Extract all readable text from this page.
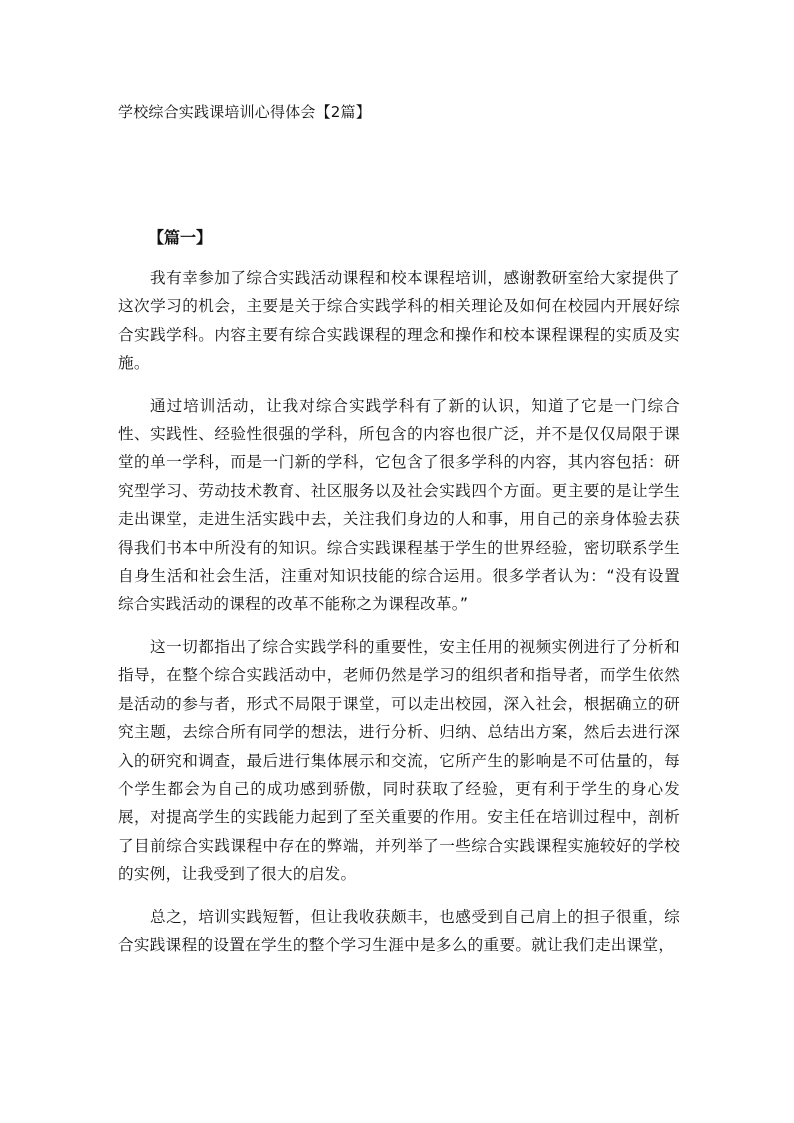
学校综合实践课培训心得体会【2篇】
【篇一】

我有幸参加了综合实践活动课程和校本课程培训，感谢教研室给大家提供了这次学习的机会，主要是关于综合实践学科的相关理论及如何在校园内开展好综合实践学科。内容主要有综合实践课程的理念和操作和校本课程课程的实质及实施。

通过培训活动，让我对综合实践学科有了新的认识，知道了它是一门综合性、实践性、经验性很强的学科，所包含的内容也很广泛，并不是仅仅局限于课堂的单一学科，而是一门新的学科，它包含了很多学科的内容，其内容包括：研究型学习、劳动技术教育、社区服务以及社会实践四个方面。更主要的是让学生走出课堂，走进生活实践中去，关注我们身边的人和事，用自己的亲身体验去获得我们书本中所没有的知识。综合实践课程基于学生的世界经验，密切联系学生自身生活和社会生活，注重对知识技能的综合运用。很多学者认为：“没有设置综合实践活动的课程的改革不能称之为课程改革。”

这一切都指出了综合实践学科的重要性，安主任用的视频实例进行了分析和指导，在整个综合实践活动中，老师仍然是学习的组织者和指导者，而学生依然是活动的参与者，形式不局限于课堂，可以走出校园，深入社会，根据确立的研究主题，去综合所有同学的想法，进行分析、归纳、总结出方案，然后去进行深入的研究和调查，最后进行集体展示和交流，它所产生的影响是不可估量的，每个学生都会为自己的成功感到骄傲，同时获取了经验，更有利于学生的身心发展，对提高学生的实践能力起到了至关重要的作用。安主任在培训过程中，剖析了目前综合实践课程中存在的弊端，并列举了一些综合实践课程实施较好的学校的实例，让我受到了很大的启发。

总之，培训实践短暂，但让我收获颇丰，也感受到自己肩上的担子很重，综合实践课程的设置在学生的整个学习生涯中是多么的重要。就让我们走出课堂，
